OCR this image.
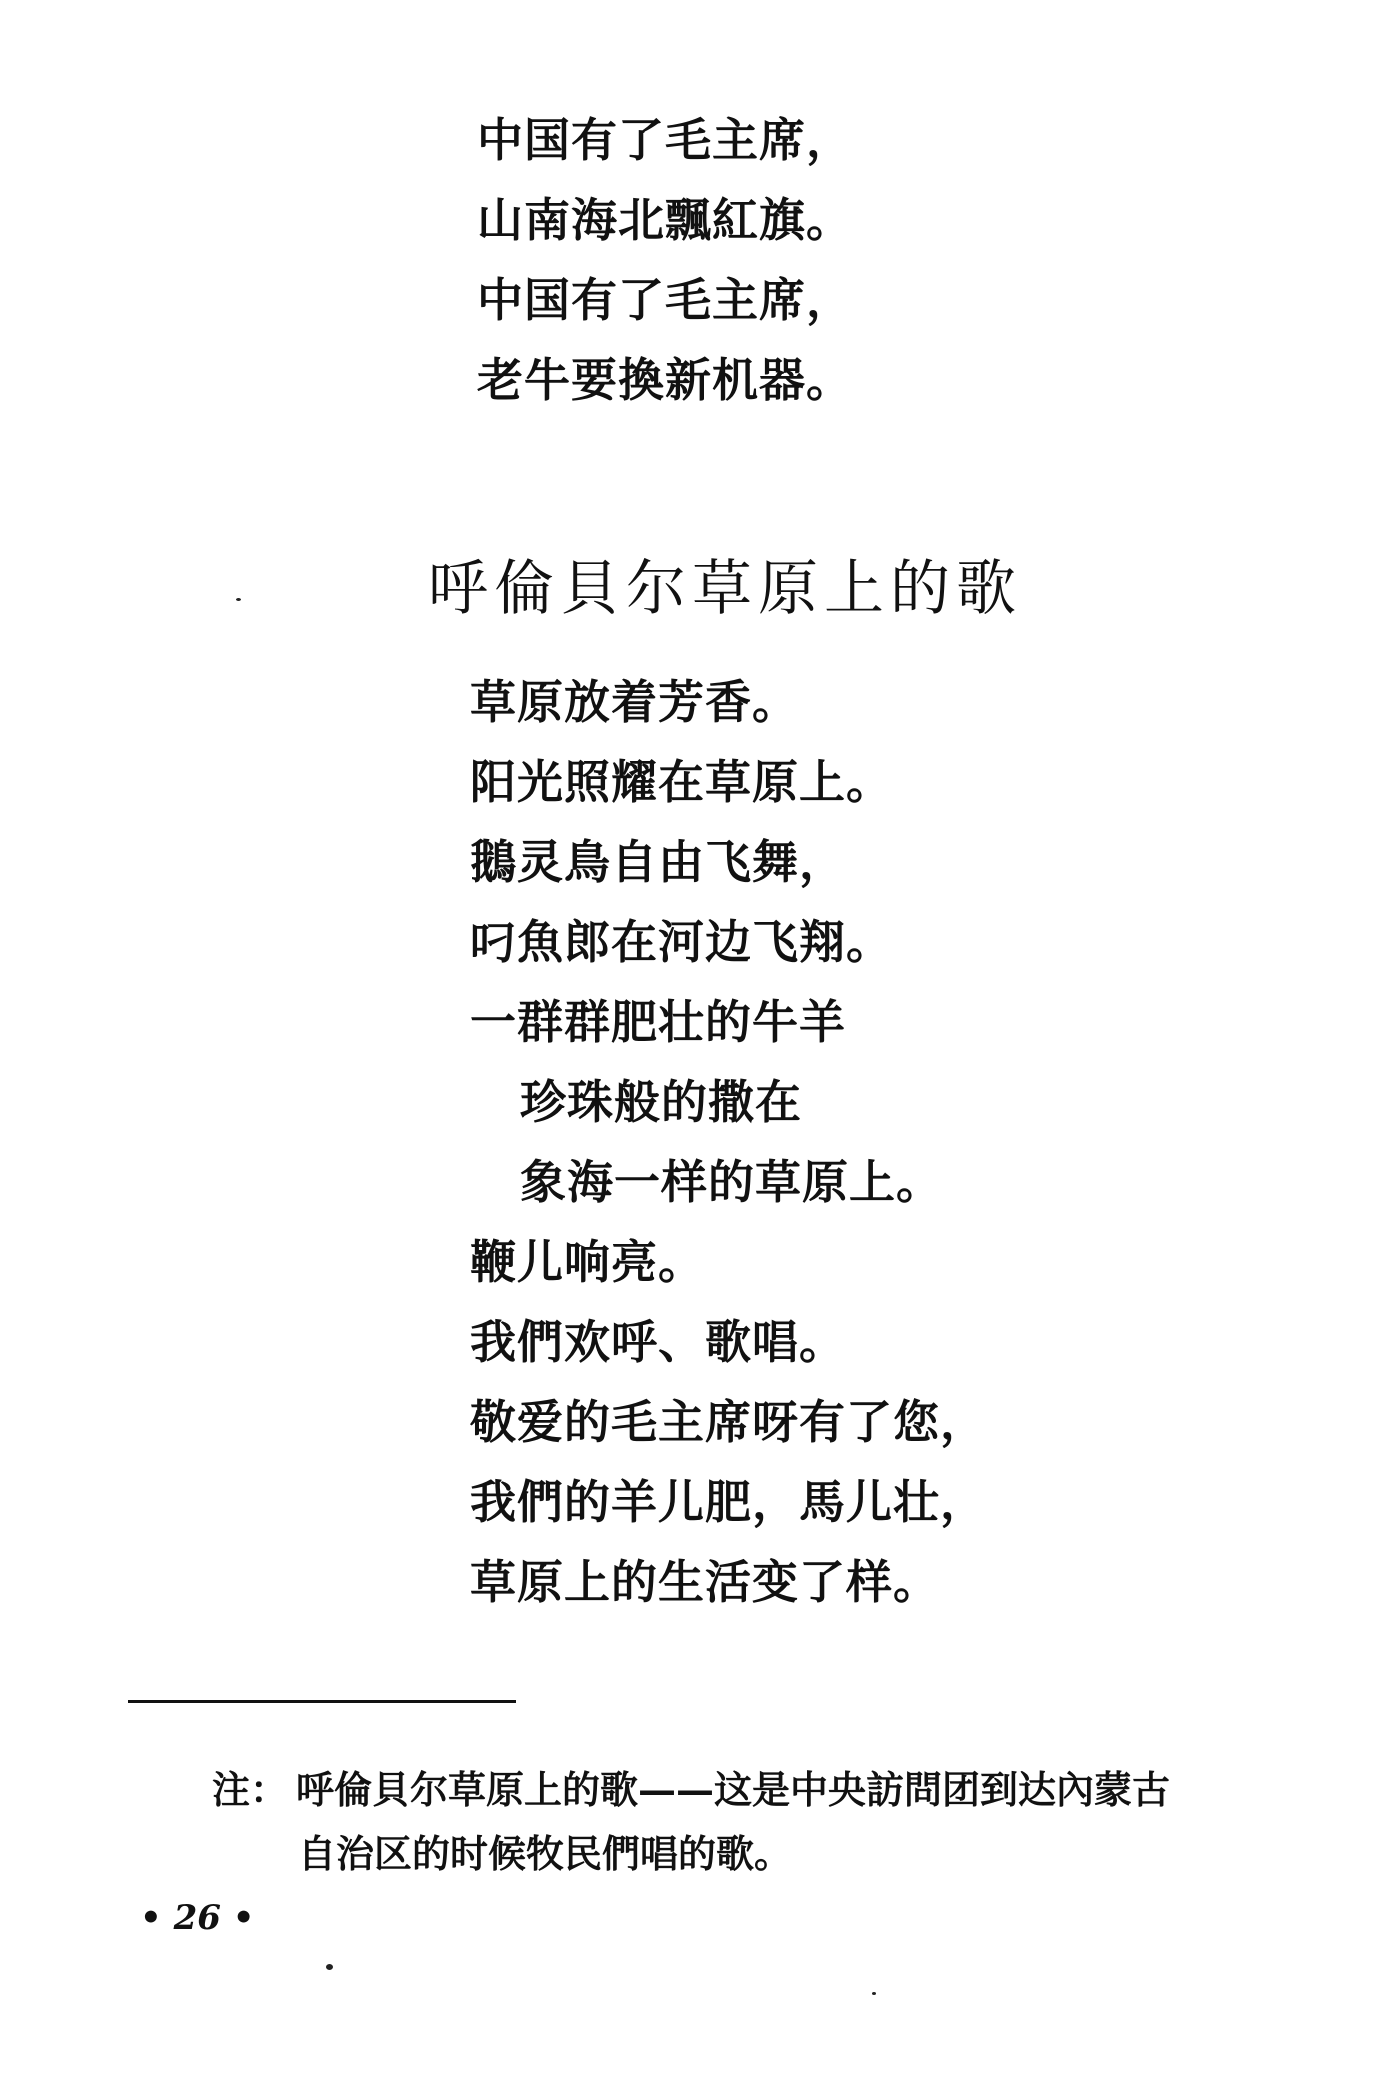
中国有了毛主席，
山南海北飄紅旗。
中国有了毛主席，
老牛要換新机器。
呼倫貝尔草原上的歌
草原放着芳香。
阳光照耀在草原上。
鵝灵鳥自由飞舞，
叼魚郎在河边飞翔。
一群群肥壮的牛羊
珍珠般的撒在
象海一样的草原上。
鞭儿响亮。
我們欢呼、歌唱。
敬爱的毛主席呀有了您，
我們的羊儿肥，馬儿壮，
草原上的生活变了样。
注： 呼倫貝尔草原上的歌——这是中央訪問团到达內蒙古
自治区的时候牧民們唱的歌。
• 26 •
